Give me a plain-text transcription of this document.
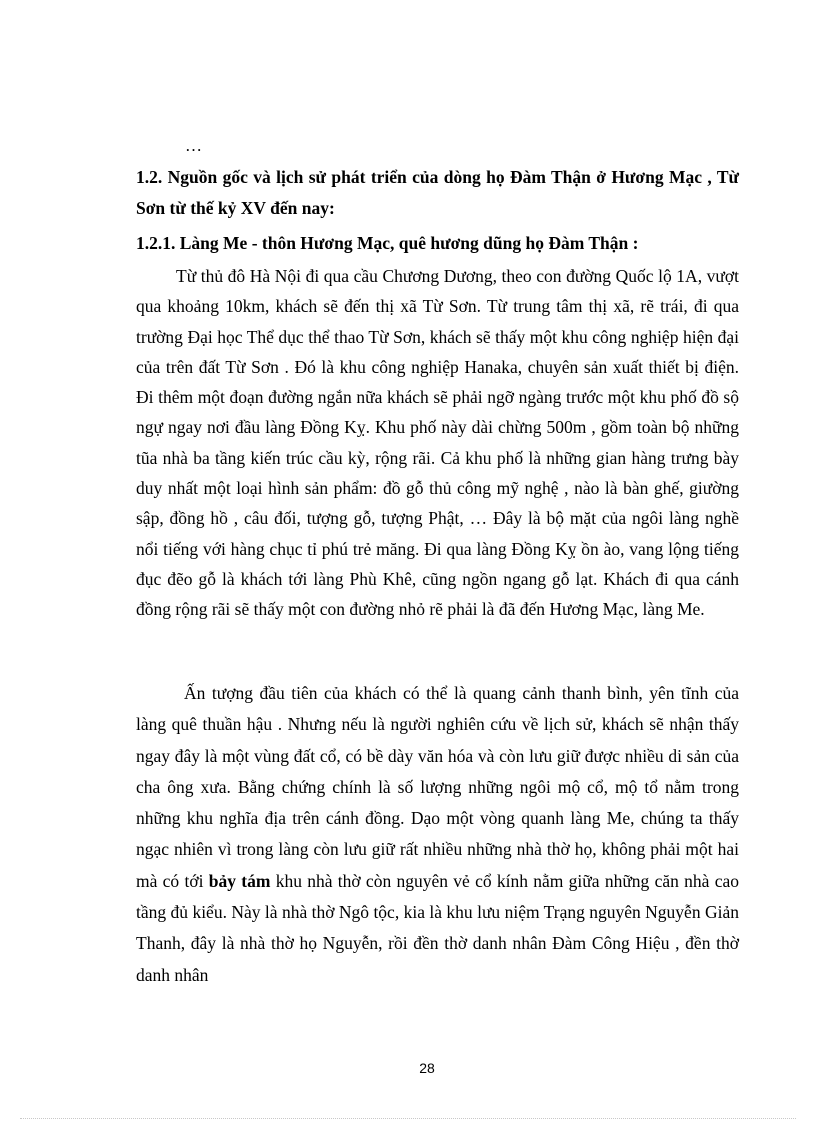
…
1.2. Nguồn gốc và lịch sử phát triển của dòng họ Đàm Thận ở Hương Mạc , Từ Sơn từ thế kỷ XV đến nay:
1.2.1. Làng Me - thôn Hương Mạc, quê hương dũng họ Đàm Thận :
Từ thủ đô Hà Nội đi qua cầu Chương Dương, theo con đường Quốc lộ 1A, vượt qua khoảng 10km, khách sẽ đến thị xã Từ Sơn. Từ trung tâm thị xã, rẽ trái, đi qua trường Đại học Thể dục thể thao Từ Sơn, khách sẽ thấy một khu công nghiệp hiện đại của trên đất Từ Sơn . Đó là khu công nghiệp Hanaka, chuyên sản xuất thiết bị điện. Đi thêm một đoạn đường ngắn nữa khách sẽ phải ngỡ ngàng trước một khu phố đồ sộ ngự ngay nơi đầu làng Đồng Kỵ. Khu phố này dài chừng 500m , gồm toàn bộ những tũa nhà ba tầng kiến trúc cầu kỳ, rộng rãi. Cả khu phố là những gian hàng trưng bày duy nhất một loại hình sản phẩm: đồ gỗ thủ công mỹ nghệ , nào là bàn ghế, giường sập, đồng hồ , câu đối, tượng gỗ, tượng Phật, … Đây là bộ mặt của ngôi làng nghề nổi tiếng với hàng chục tỉ phú trẻ măng. Đi qua làng Đồng Kỵ ồn ào, vang lộng tiếng đục đẽo gỗ là khách tới làng Phù Khê, cũng ngồn ngang gỗ lạt. Khách đi qua cánh đồng rộng rãi sẽ thấy một con đường nhỏ rẽ phải là đã đến Hương Mạc, làng Me.
Ấn tượng đầu tiên của khách có thể là quang cảnh thanh bình, yên tĩnh của làng quê thuần hậu . Nhưng nếu là người nghiên cứu về lịch sử, khách sẽ nhận thấy ngay đây là một vùng đất cổ, có bề dày văn hóa và còn lưu giữ được nhiều di sản của cha ông xưa. Bằng chứng chính là số lượng những ngôi mộ cổ, mộ tổ nằm trong những khu nghĩa địa trên cánh đồng. Dạo một vòng quanh làng Me, chúng ta thấy ngạc nhiên vì trong làng còn lưu giữ rất nhiều những nhà thờ họ, không phải một hai mà có tới bảy tám khu nhà thờ còn nguyên vẻ cổ kính nằm giữa những căn nhà cao tầng đủ kiểu. Này là nhà thờ Ngô tộc, kia là khu lưu niệm Trạng nguyên Nguyễn Giản Thanh, đây là nhà thờ họ Nguyễn, rồi đền thờ danh nhân Đàm Công Hiệu , đền thờ danh nhân
28
